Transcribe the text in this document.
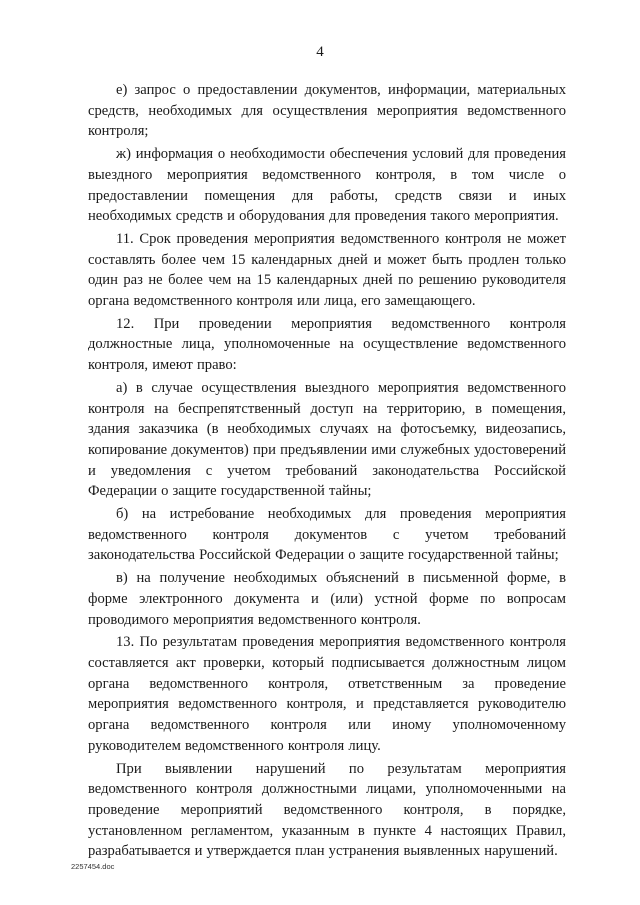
4

е) запрос о предоставлении документов, информации, материальных средств, необходимых для осуществления мероприятия ведомственного контроля;

ж) информация о необходимости обеспечения условий для проведения выездного мероприятия ведомственного контроля, в том числе о предоставлении помещения для работы, средств связи и иных необходимых средств и оборудования для проведения такого мероприятия.

11. Срок проведения мероприятия ведомственного контроля не может составлять более чем 15 календарных дней и может быть продлен только один раз не более чем на 15 календарных дней по решению руководителя органа ведомственного контроля или лица, его замещающего.

12. При проведении мероприятия ведомственного контроля должностные лица, уполномоченные на осуществление ведомственного контроля, имеют право:

а) в случае осуществления выездного мероприятия ведомственного контроля на беспрепятственный доступ на территорию, в помещения, здания заказчика (в необходимых случаях на фотосъемку, видеозапись, копирование документов) при предъявлении ими служебных удостоверений и уведомления с учетом требований законодательства Российской Федерации о защите государственной тайны;

б) на истребование необходимых для проведения мероприятия ведомственного контроля документов с учетом требований законодательства Российской Федерации о защите государственной тайны;

в) на получение необходимых объяснений в письменной форме, в форме электронного документа и (или) устной форме по вопросам проводимого мероприятия ведомственного контроля.

13. По результатам проведения мероприятия ведомственного контроля составляется акт проверки, который подписывается должностным лицом органа ведомственного контроля, ответственным за проведение мероприятия ведомственного контроля, и представляется руководителю органа ведомственного контроля или иному уполномоченному руководителем ведомственного контроля лицу.

При выявлении нарушений по результатам мероприятия ведомственного контроля должностными лицами, уполномоченными на проведение мероприятий ведомственного контроля, в порядке, установленном регламентом, указанным в пункте 4 настоящих Правил, разрабатывается и утверждается план устранения выявленных нарушений.

2257454.doc
